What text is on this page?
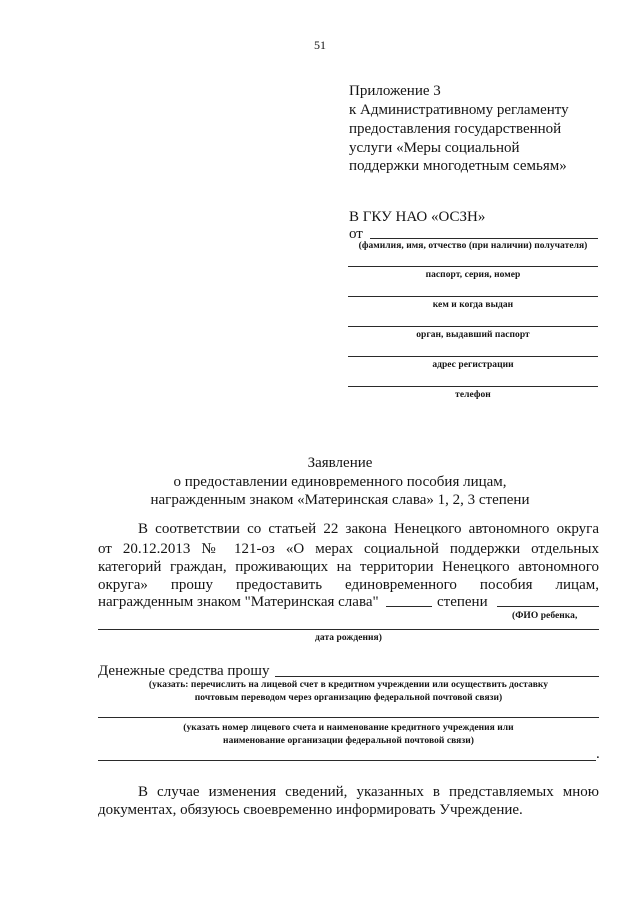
51
Приложение 3
к Административному регламенту
предоставления государственной
услуги «Меры социальной
поддержки многодетным семьям»
В ГКУ НАО «ОСЗН»
от
(фамилия, имя, отчество (при наличии) получателя)
паспорт, серия, номер
кем и когда выдан
орган, выдавший паспорт
адрес регистрации
телефон
Заявление
о предоставлении единовременного пособия лицам,
награжденным знаком «Материнская слава» 1, 2, 3 степени
В соответствии со статьей 22 закона Ненецкого автономного округа
от 20.12.2013 № 121-оз «О мерах социальной поддержки отдельных
категорий граждан, проживающих на территории Ненецкого автономного
округа» прошу предоставить единовременного пособия лицам,
награжденным знаком "Материнская слава"	степени
(ФИО ребенка,
дата рождения)
Денежные средства прошу
(указать: перечислить на лицевой счет в кредитном учреждении или осуществить доставку
почтовым переводом через организацию федеральной почтовой связи)
(указать номер лицевого счета и наименование кредитного учреждения или
наименование организации федеральной почтовой связи)
.
В случае изменения сведений, указанных в представляемых мною
документах, обязуюсь своевременно информировать Учреждение.
